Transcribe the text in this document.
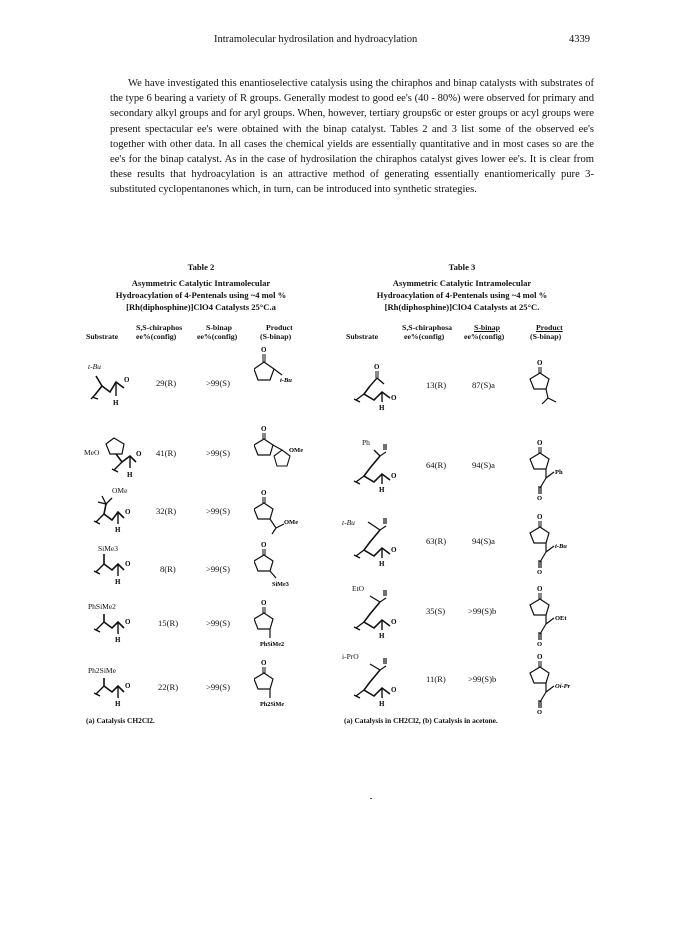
Intramolecular hydrosilation and hydroacylation	4339

We have investigated this enantioselective catalysis using the chiraphos and binap catalysts with substrates of the type 6 bearing a variety of R groups. Generally modest to good ee's (40 - 80%) were observed for primary and secondary alkyl groups and for aryl groups. When, however, tertiary groups6c or ester groups or acyl groups were present spectacular ee's were obtained with the binap catalyst. Tables 2 and 3 list some of the observed ee's together with other data. In all cases the chemical yields are essentially quantitative and in most cases so are the ee's for the binap catalyst. As in the case of hydrosilation the chiraphos catalyst gives lower ee's. It is clear from these results that hydroacylation is an attractive method of generating essentially enantiomerically pure 3-substituted cyclopentanones which, in turn, can be introduced into synthetic strategies.

Table 2
Asymmetric Catalytic Intramolecular
Hydroacylation of 4-Pentenals using ~4 mol %
[Rh(diphosphine)]ClO4 Catalysts 25°C.a
Substrate
S,S-chiraphos
ee%(config)
S-binap
ee%(config)
Product
(S-binap)
t-Bu
H
O	29(R)	>99(S)
O
t-Bu
MeO
H
O 41(R)	>99(S)
O
OMe
OMe
H
O	32(R)	>99(S)
O
OMe
SiMe3
H
O	8(R)	>99(S)
O
SiMe3
PhSiMe2
H
O	15(R)	>99(S)
O
PhSiMe2
Ph2SiMe
H
O	22(R)	>99(S)
O
Ph2SiMe
(a) Catalysis CH2Cl2.
Table 3
Asymmetric Catalytic Intramolecular
Hydroacylation of 4-Pentenals using ~4 mol %
[Rh(diphosphine)]ClO4 Catalysts at 25°C.
Substrate
S,S-chiraphosa
ee%(config)
S-binap
ee%(config)
Product
(S-binap)
O
H
O
13(R)	87(S)a
O
Ph
H
O
64(R)	94(S)a
O
Ph
O
t-Bu
H
O
63(R)	94(S)a
O
t-Bu
O
EtO
H
O
35(S)	>99(S)b
O
OEt
O
i-PrO
H
O
11(R)	>99(S)b
O
Oi-Pr
O
(a) Catalysis in CH2Cl2, (b) Catalysis in acetone.
